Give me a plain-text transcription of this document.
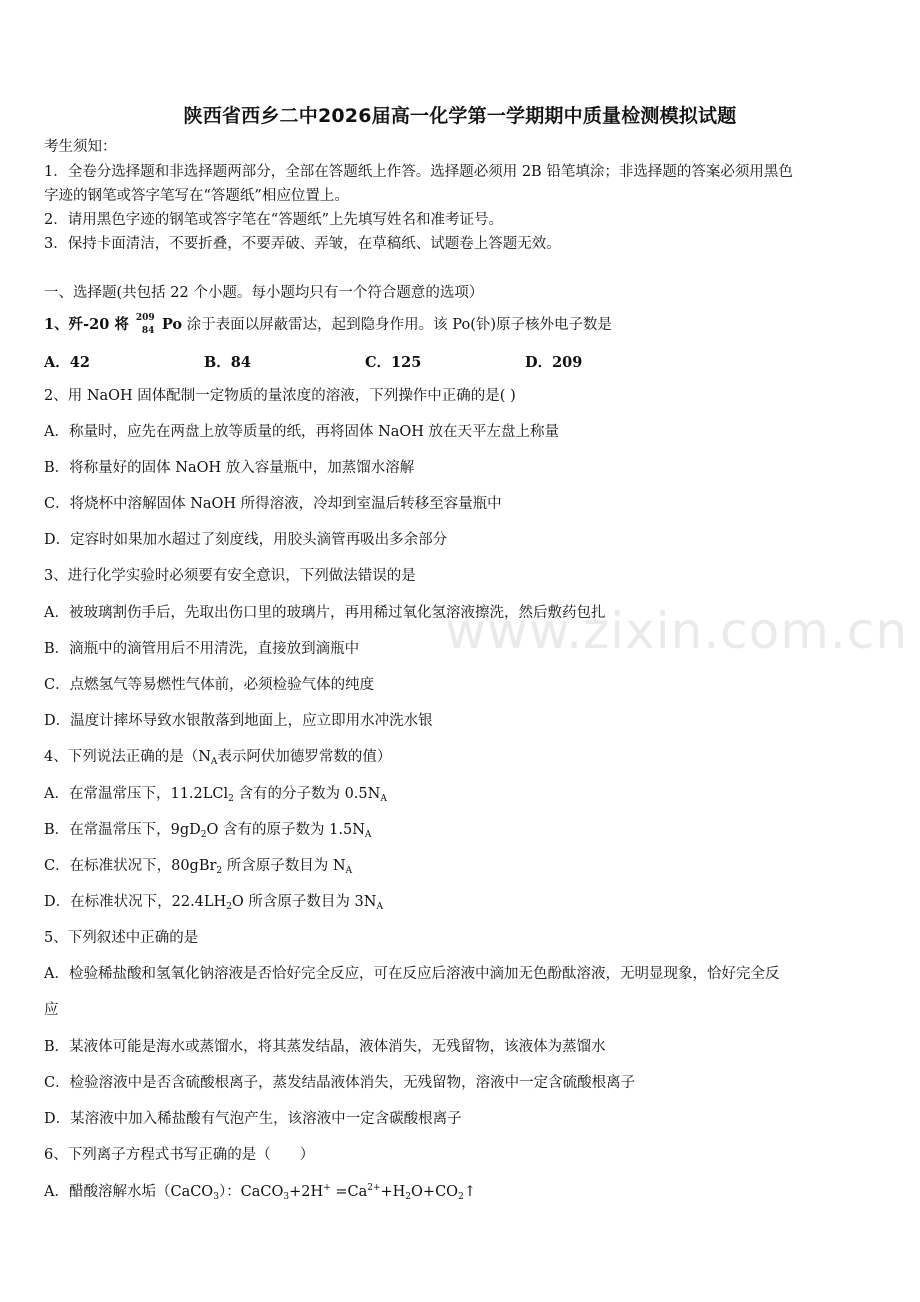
陕西省西乡二中2026届高一化学第一学期期中质量检测模拟试题
考生须知：
1．全卷分选择题和非选择题两部分，全部在答题纸上作答。选择题必须用 2B 铅笔填涂；非选择题的答案必须用黑色
字迹的钢笔或答字笔写在“答题纸”相应位置上。
2．请用黑色字迹的钢笔或答字笔在“答题纸”上先填写姓名和准考证号。
3．保持卡面清洁，不要折叠，不要弄破、弄皱，在草稿纸、试题卷上答题无效。
一、选择题(共包括 22 个小题。每小题均只有一个符合题意的选项）
1、歼-20 将 209
84 Po 涂于表面以屏蔽雷达，起到隐身作用。该 Po(钋)原子核外电子数是
A．42	B．84	C．125	D．209
2、用 NaOH 固体配制一定物质的量浓度的溶液，下列操作中正确的是( )
A．称量时，应先在两盘上放等质量的纸，再将固体 NaOH 放在天平左盘上称量
B．将称量好的固体 NaOH 放入容量瓶中，加蒸馏水溶解
C．将烧杯中溶解固体 NaOH 所得溶液，冷却到室温后转移至容量瓶中
D．定容时如果加水超过了刻度线，用胶头滴管再吸出多余部分
3、进行化学实验时必须要有安全意识，下列做法错误的是
A．被玻璃割伤手后，先取出伤口里的玻璃片，再用稀过氧化氢溶液擦洗，然后敷药包扎
B．滴瓶中的滴管用后不用清洗，直接放到滴瓶中
C．点燃氢气等易燃性气体前，必须检验气体的纯度
D．温度计摔坏导致水银散落到地面上，应立即用水冲洗水银
4、下列说法正确的是（$N_A$表示阿伏加德罗常数的值）
A．在常温常压下，11.2LCl$_2$ 含有的分子数为 $0.5N_A$
B．在常温常压下，$9gD_2O$ 含有的原子数为 $1.5N_A$
C．在标准状况下，80gBr$_2$ 所含原子数目为 $N_A$
D．在标准状况下，$22.4LH_2O$ 所含原子数目为 $3N_A$
5、下列叙述中正确的是
A．检验稀盐酸和氢氧化钠溶液是否恰好完全反应，可在反应后溶液中滴加无色酚酞溶液，无明显现象，恰好完全反
应
B．某液体可能是海水或蒸馏水，将其蒸发结晶，液体消失，无残留物，该液体为蒸馏水
C．检验溶液中是否含硫酸根离子，蒸发结晶液体消失，无残留物，溶液中一定含硫酸根离子
D．某溶液中加入稀盐酸有气泡产生，该溶液中一定含碳酸根离子
6、下列离子方程式书写正确的是（　　）
A．醋酸溶解水垢（CaCO$_3$）：CaCO$_3$+2H+ $=Ca^{2+}+H_2O+CO_2↑$
www.zixin.com.cn
